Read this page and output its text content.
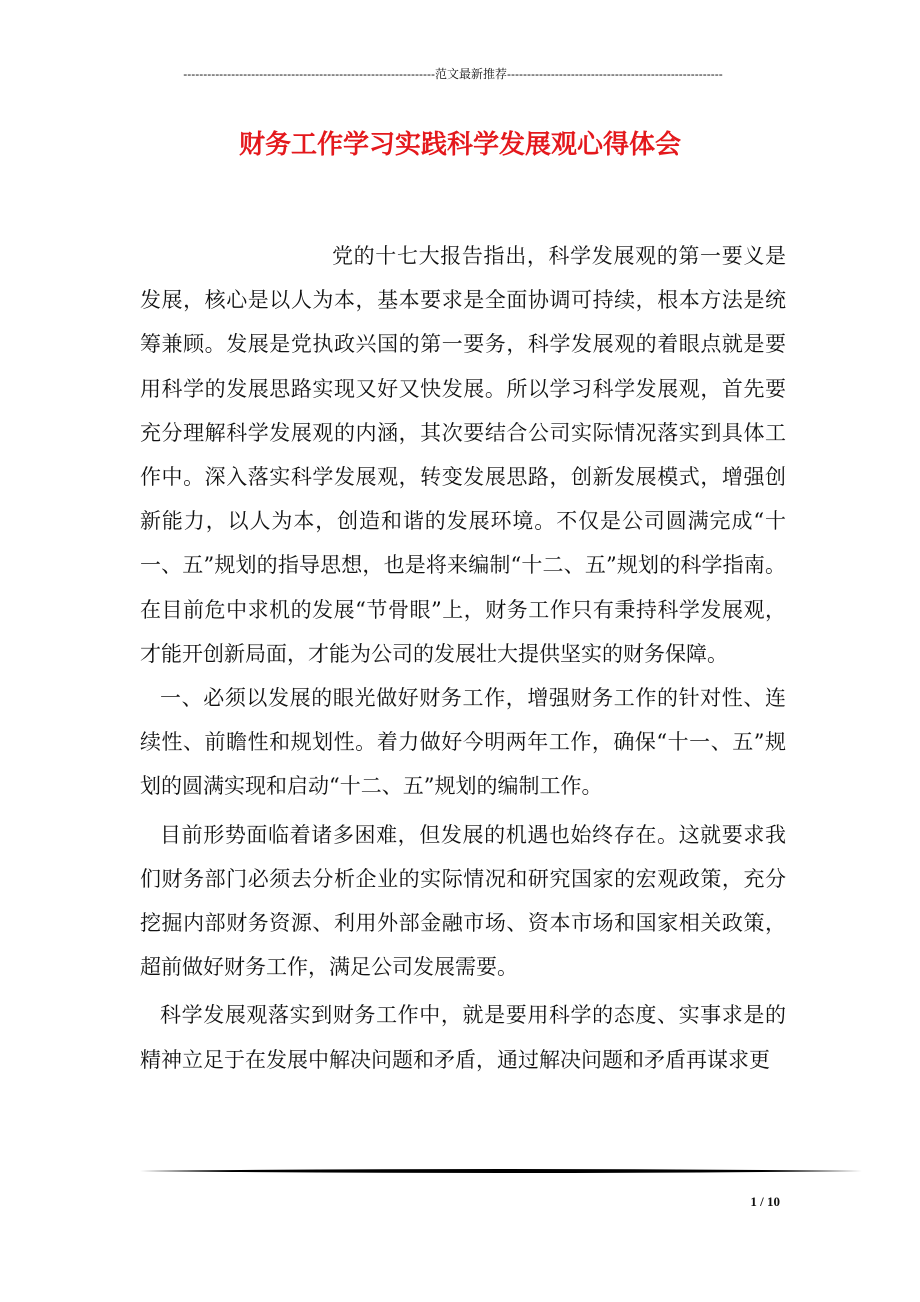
---------------------------------------------------------------范文最新推荐------------------------------------------------------
财务工作学习实践科学发展观心得体会

党的十七大报告指出，科学发展观的第一要义是发展，核心是以人为本，基本要求是全面协调可持续，根本方法是统筹兼顾。发展是党执政兴国的第一要务，科学发展观的着眼点就是要用科学的发展思路实现又好又快发展。所以学习科学发展观，首先要充分理解科学发展观的内涵，其次要结合公司实际情况落实到具体工作中。深入落实科学发展观，转变发展思路，创新发展模式，增强创新能力，以人为本，创造和谐的发展环境。不仅是公司圆满完成“十一、五”规划的指导思想，也是将来编制“十二、五”规划的科学指南。在目前危中求机的发展“节骨眼”上，财务工作只有秉持科学发展观，才能开创新局面，才能为公司的发展壮大提供坚实的财务保障。

一、必须以发展的眼光做好财务工作，增强财务工作的针对性、连续性、前瞻性和规划性。着力做好今明两年工作，确保“十一、五”规划的圆满实现和启动“十二、五”规划的编制工作。

目前形势面临着诸多困难，但发展的机遇也始终存在。这就要求我们财务部门必须去分析企业的实际情况和研究国家的宏观政策，充分挖掘内部财务资源、利用外部金融市场、资本市场和国家相关政策，超前做好财务工作，满足公司发展需要。

科学发展观落实到财务工作中，就是要用科学的态度、实事求是的精神立足于在发展中解决问题和矛盾，通过解决问题和矛盾再谋求更

1 / 10
